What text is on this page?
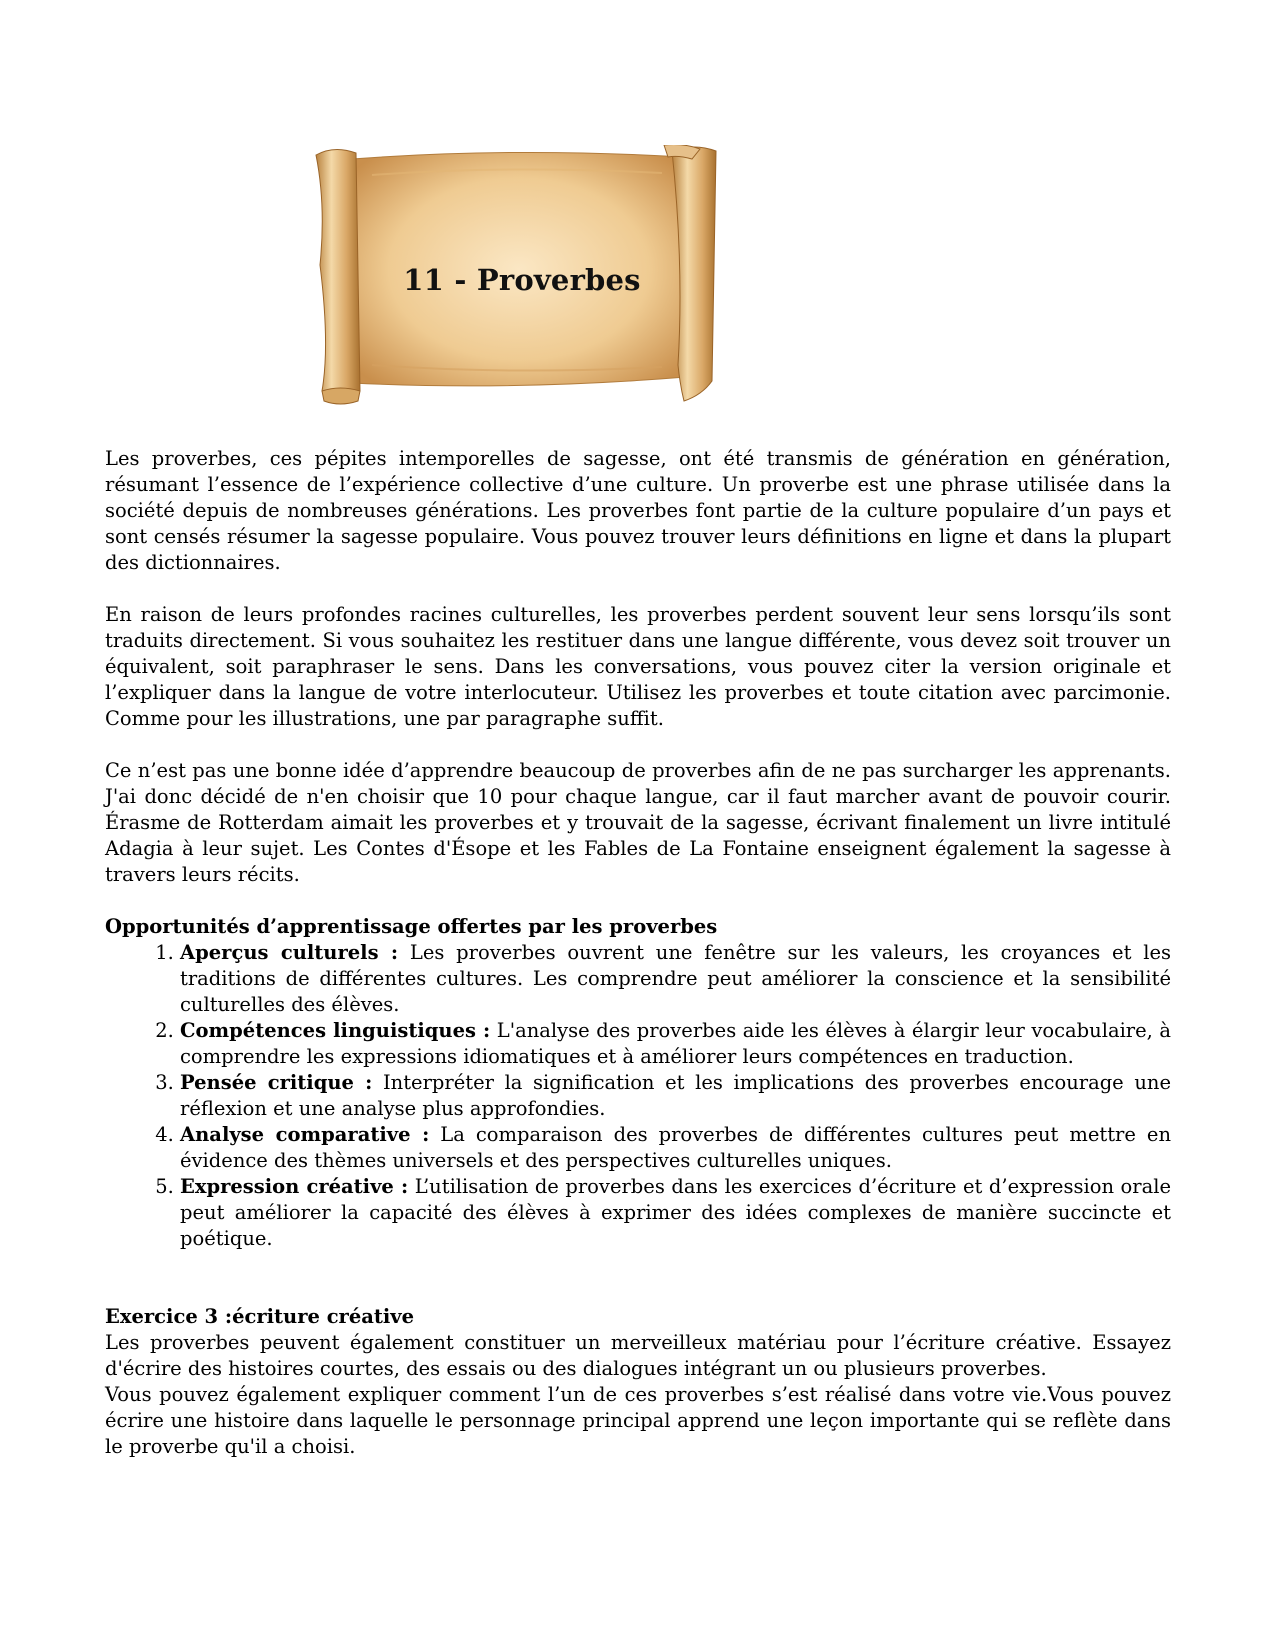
11 - Proverbes

Les proverbes, ces pépites intemporelles de sagesse, ont été transmis de génération en génération, résumant l’essence de l’expérience collective d’une culture. Un proverbe est une phrase utilisée dans la société depuis de nombreuses générations. Les proverbes font partie de la culture populaire d’un pays et sont censés résumer la sagesse populaire. Vous pouvez trouver leurs définitions en ligne et dans la plupart des dictionnaires.

En raison de leurs profondes racines culturelles, les proverbes perdent souvent leur sens lorsqu’ils sont traduits directement. Si vous souhaitez les restituer dans une langue différente, vous devez soit trouver un équivalent, soit paraphraser le sens. Dans les conversations, vous pouvez citer la version originale et l’expliquer dans la langue de votre interlocuteur. Utilisez les proverbes et toute citation avec parcimonie. Comme pour les illustrations, une par paragraphe suffit.

Ce n’est pas une bonne idée d’apprendre beaucoup de proverbes afin de ne pas surcharger les apprenants. J'ai donc décidé de n'en choisir que 10 pour chaque langue, car il faut marcher avant de pouvoir courir. Érasme de Rotterdam aimait les proverbes et y trouvait de la sagesse, écrivant finalement un livre intitulé Adagia à leur sujet. Les Contes d'Ésope et les Fables de La Fontaine enseignent également la sagesse à travers leurs récits.

Opportunités d’apprentissage offertes par les proverbes

1. Aperçus culturels : Les proverbes ouvrent une fenêtre sur les valeurs, les croyances et les traditions de différentes cultures. Les comprendre peut améliorer la conscience et la sensibilité culturelles des élèves.
2. Compétences linguistiques : L'analyse des proverbes aide les élèves à élargir leur vocabulaire, à comprendre les expressions idiomatiques et à améliorer leurs compétences en traduction.
3. Pensée critique : Interpréter la signification et les implications des proverbes encourage une réflexion et une analyse plus approfondies.
4. Analyse comparative : La comparaison des proverbes de différentes cultures peut mettre en évidence des thèmes universels et des perspectives culturelles uniques.
5. Expression créative : L’utilisation de proverbes dans les exercices d’écriture et d’expression orale peut améliorer la capacité des élèves à exprimer des idées complexes de manière succincte et poétique.

Exercice 3 :écriture créative

Les proverbes peuvent également constituer un merveilleux matériau pour l’écriture créative. Essayez d'écrire des histoires courtes, des essais ou des dialogues intégrant un ou plusieurs proverbes.

Vous pouvez également expliquer comment l’un de ces proverbes s’est réalisé dans votre vie.Vous pouvez écrire une histoire dans laquelle le personnage principal apprend une leçon importante qui se reflète dans le proverbe qu'il a choisi.
